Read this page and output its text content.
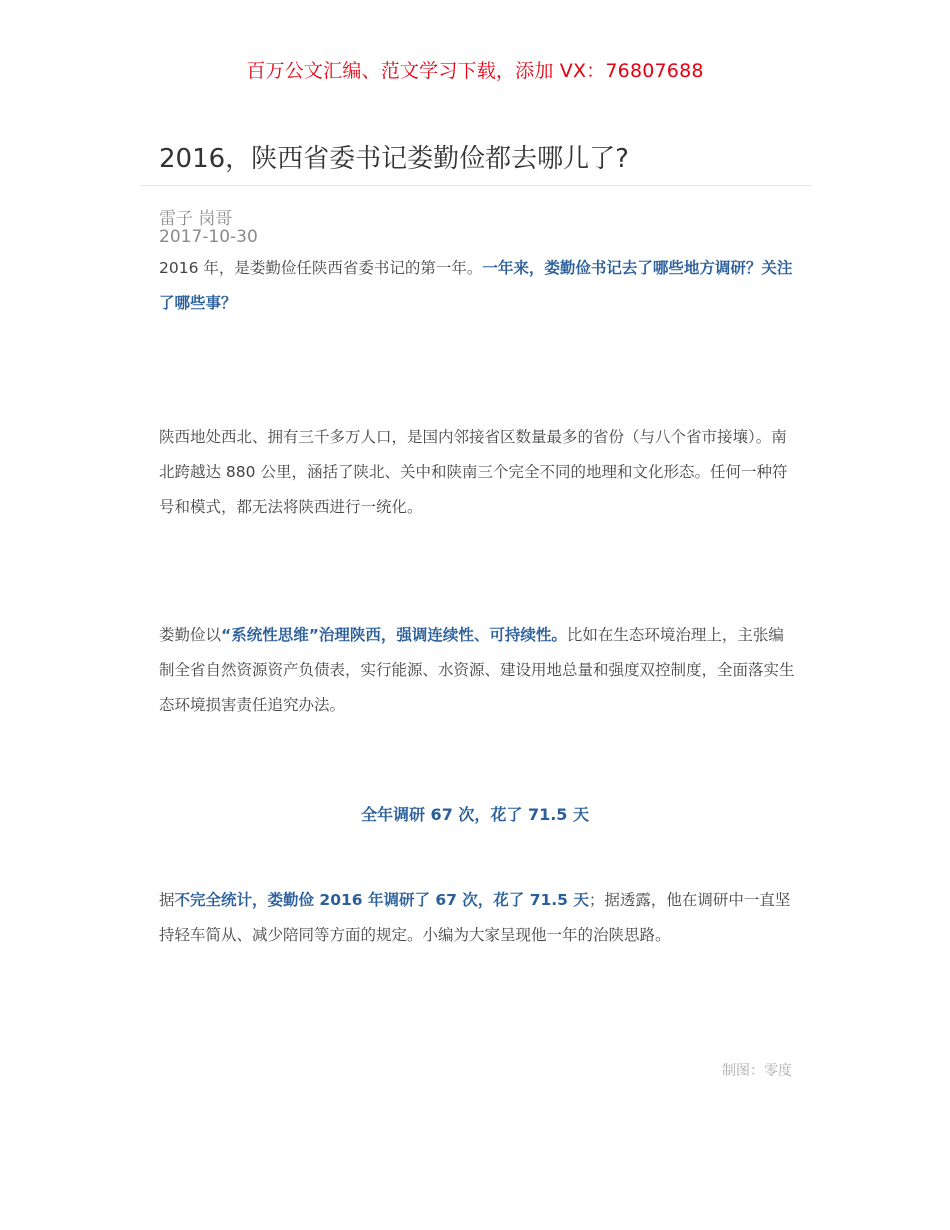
百万公文汇编、范文学习下载，添加 VX：76807688
2016，陕西省委书记娄勤俭都去哪儿了?
雷子 岗哥
2017-10-30

2016 年，是娄勤俭任陕西省委书记的第一年。一年来，娄勤俭书记去了哪些地方调研？关注了哪些事？

陕西地处西北、拥有三千多万人口，是国内邻接省区数量最多的省份（与八个省市接壤）。南北跨越达 880 公里，涵括了陕北、关中和陕南三个完全不同的地理和文化形态。任何一种符号和模式，都无法将陕西进行一统化。

娄勤俭以“系统性思维”治理陕西，强调连续性、可持续性。比如在生态环境治理上，主张编制全省自然资源资产负债表，实行能源、水资源、建设用地总量和强度双控制度，全面落实生态环境损害责任追究办法。

全年调研 67 次，花了 71.5 天

据不完全统计，娄勤俭 2016 年调研了 67 次，花了 71.5 天；据透露，他在调研中一直坚持轻车简从、减少陪同等方面的规定。小编为大家呈现他一年的治陕思路。

制图：零度
